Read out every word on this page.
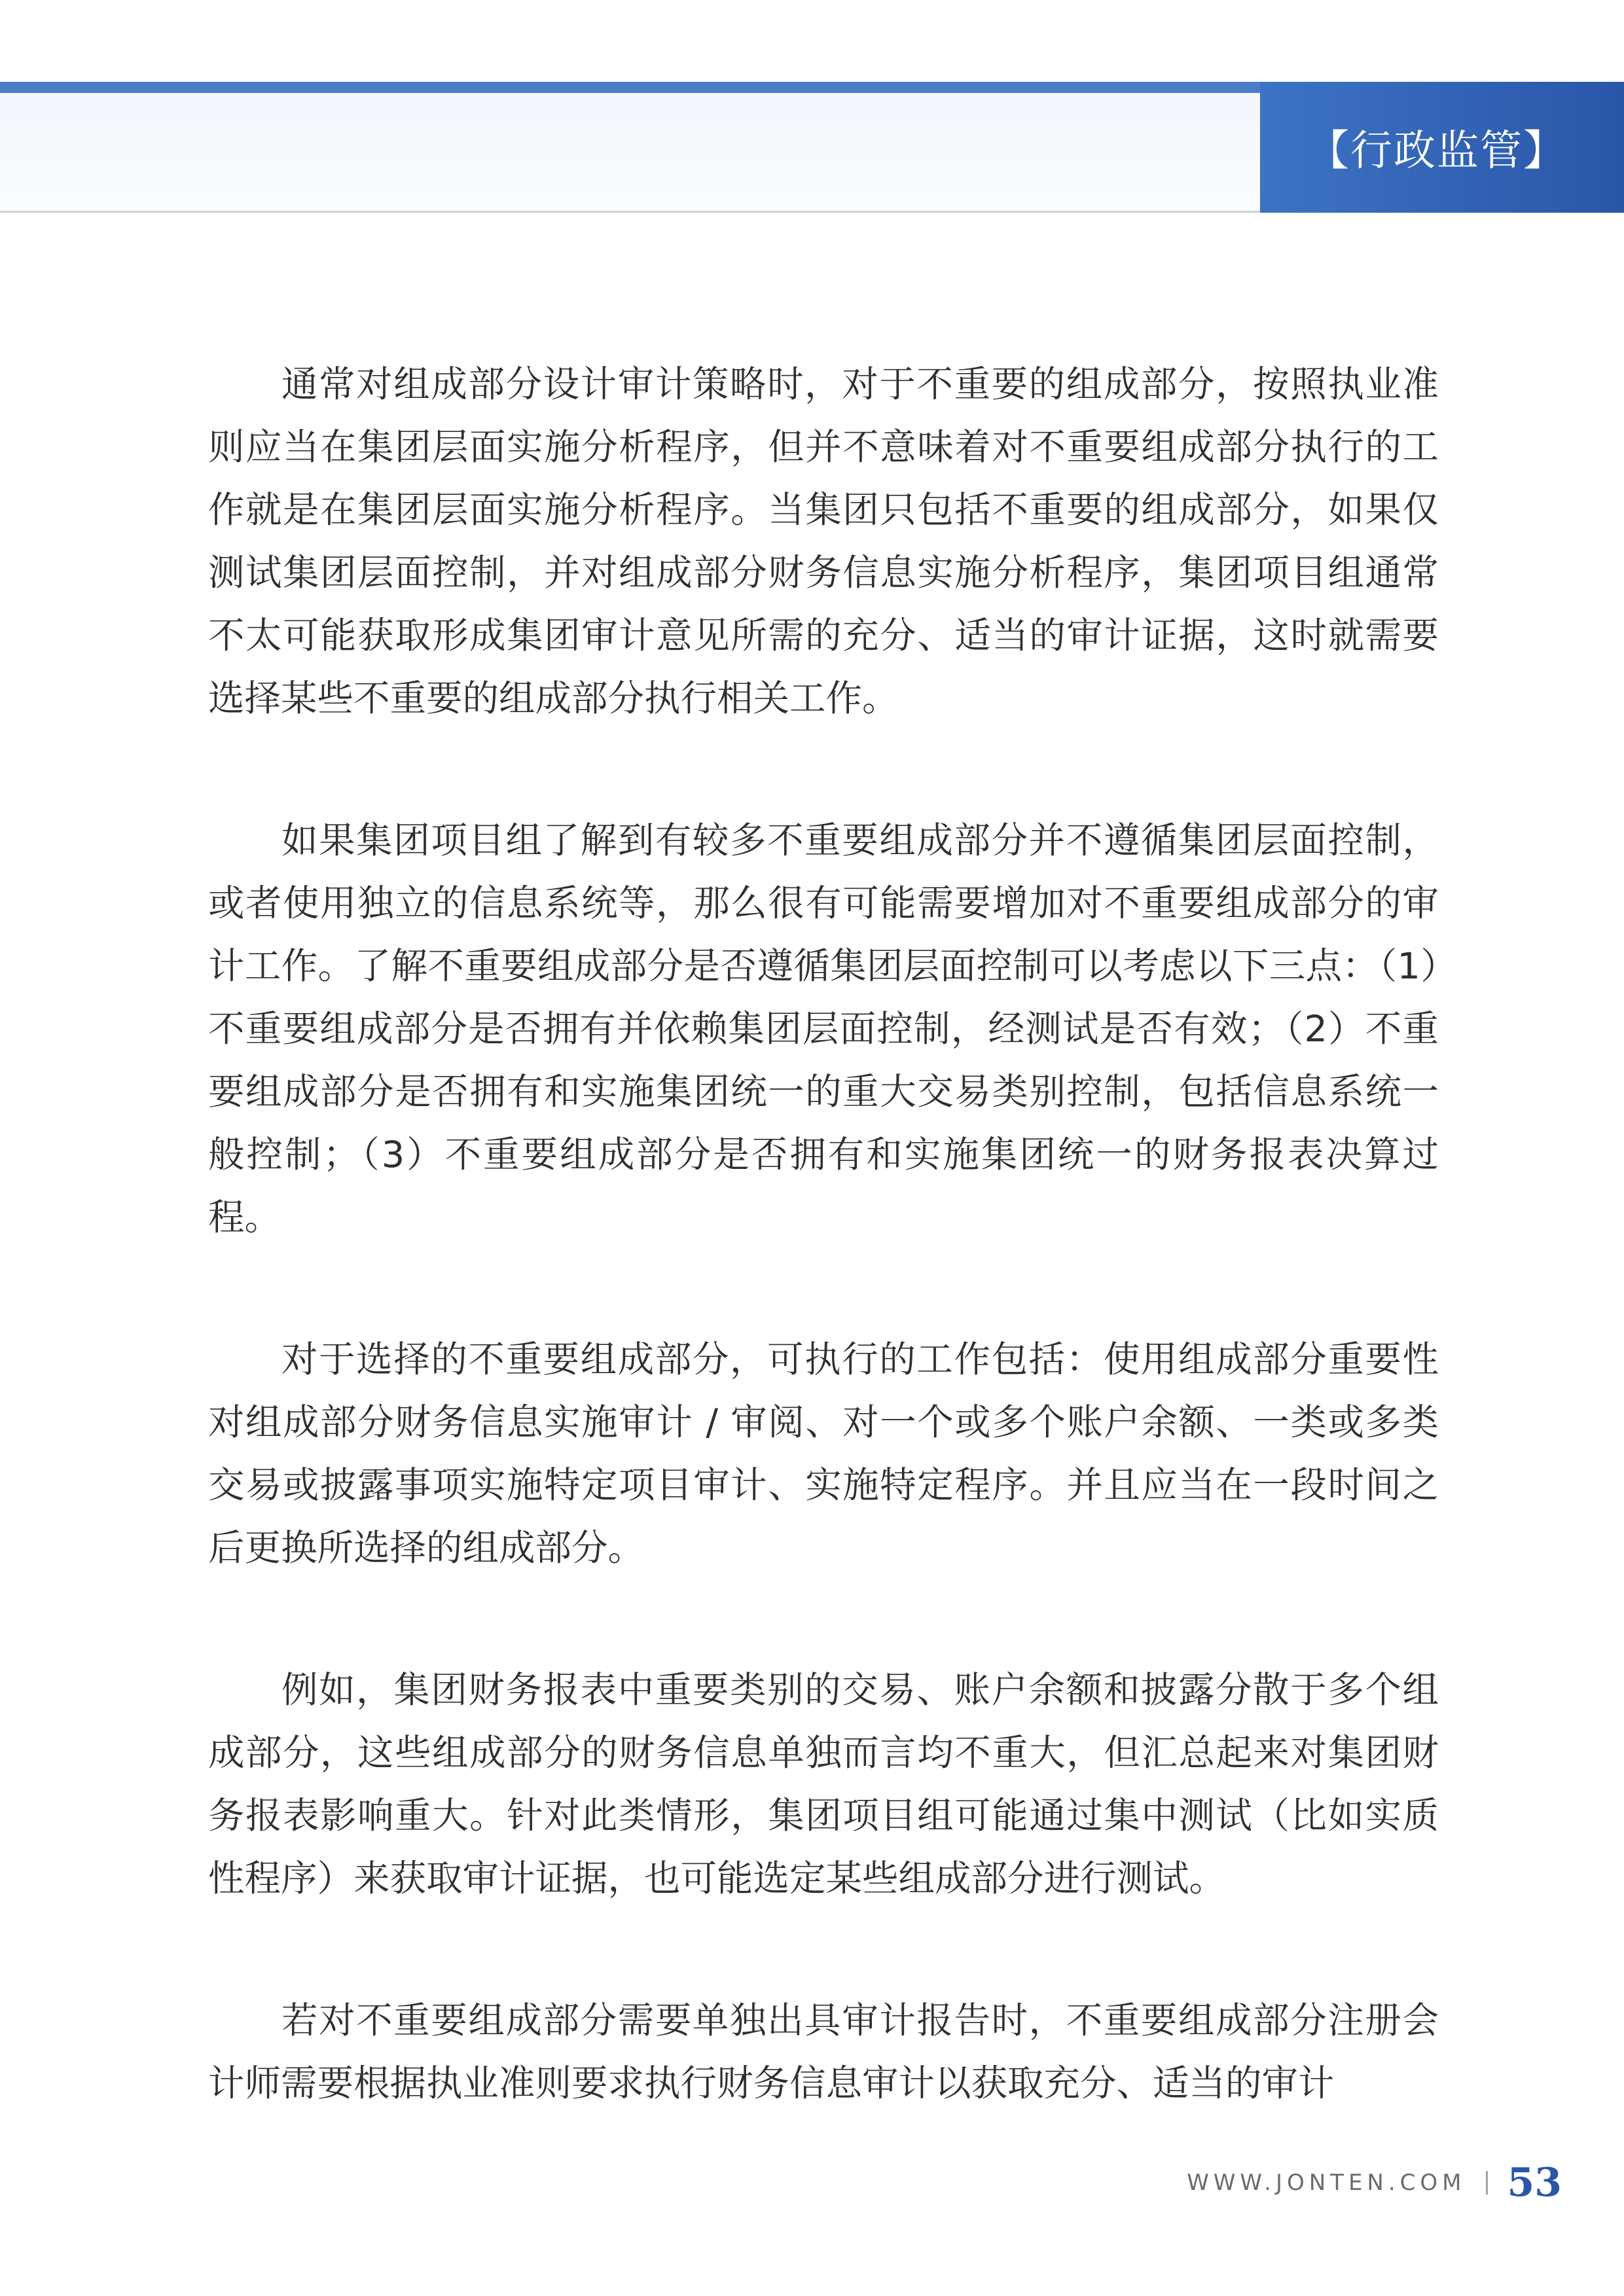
【行政监管】

通常对组成部分设计审计策略时，对于不重要的组成部分，按照执业准则应当在集团层面实施分析程序，但并不意味着对不重要组成部分执行的工作就是在集团层面实施分析程序。当集团只包括不重要的组成部分，如果仅测试集团层面控制，并对组成部分财务信息实施分析程序，集团项目组通常不太可能获取形成集团审计意见所需的充分、适当的审计证据，这时就需要选择某些不重要的组成部分执行相关工作。

如果集团项目组了解到有较多不重要组成部分并不遵循集团层面控制，或者使用独立的信息系统等，那么很有可能需要增加对不重要组成部分的审计工作。了解不重要组成部分是否遵循集团层面控制可以考虑以下三点：（1）不重要组成部分是否拥有并依赖集团层面控制，经测试是否有效；（2）不重要组成部分是否拥有和实施集团统一的重大交易类别控制，包括信息系统一般控制；（3）不重要组成部分是否拥有和实施集团统一的财务报表决算过程。

对于选择的不重要组成部分，可执行的工作包括：使用组成部分重要性对组成部分财务信息实施审计 / 审阅、对一个或多个账户余额、一类或多类交易或披露事项实施特定项目审计、实施特定程序。并且应当在一段时间之后更换所选择的组成部分。

例如，集团财务报表中重要类别的交易、账户余额和披露分散于多个组成部分，这些组成部分的财务信息单独而言均不重大，但汇总起来对集团财务报表影响重大。针对此类情形，集团项目组可能通过集中测试（比如实质性程序）来获取审计证据，也可能选定某些组成部分进行测试。

若对不重要组成部分需要单独出具审计报告时，不重要组成部分注册会计师需要根据执业准则要求执行财务信息审计以获取充分、适当的审计

WWW.JONTEN.COM 53
